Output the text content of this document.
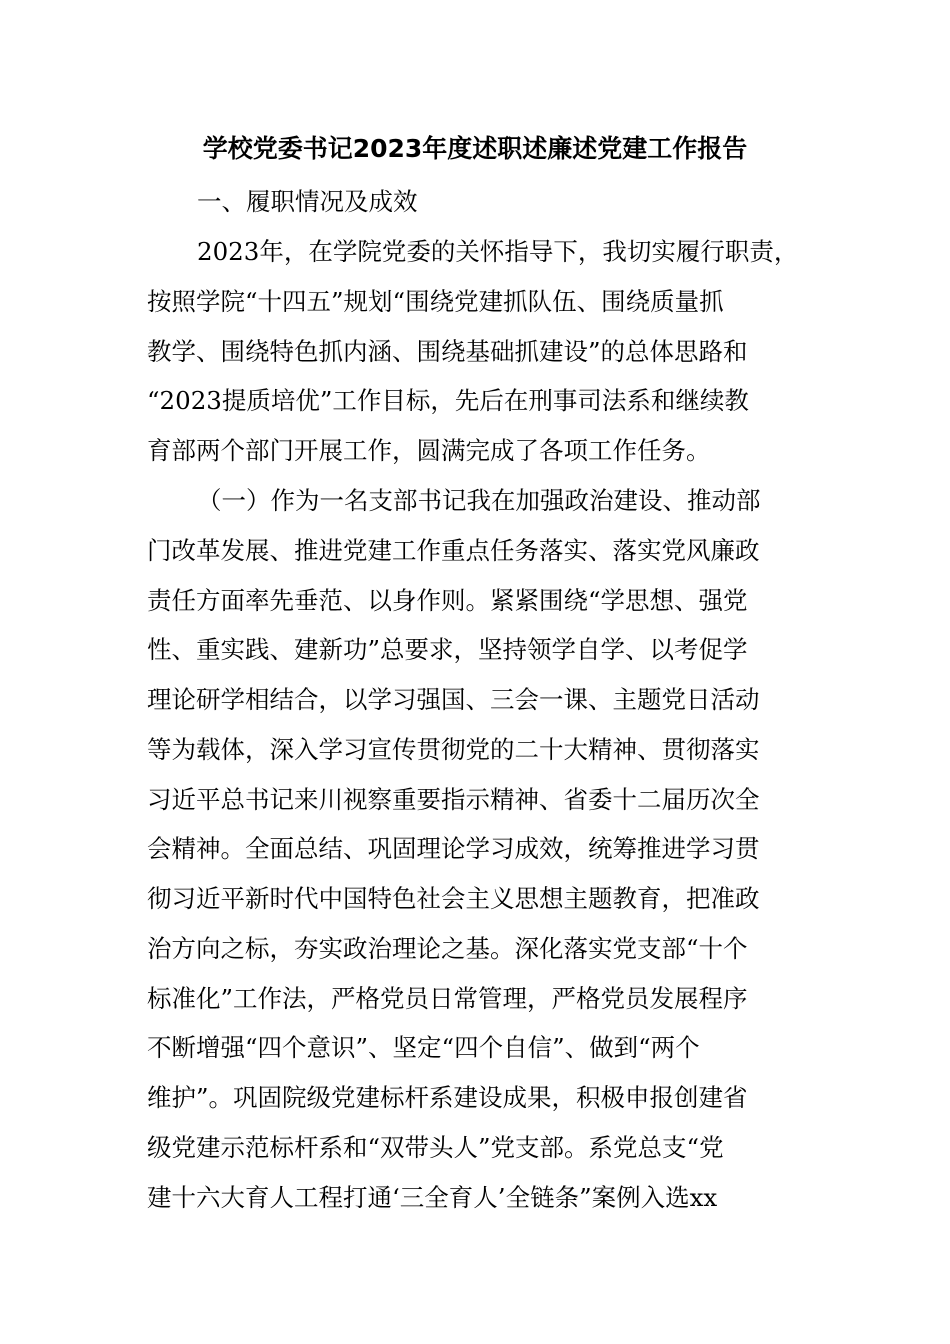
学校党委书记2023年度述职述廉述党建工作报告

一、履职情况及成效

2023年，在学院党委的关怀指导下，我切实履行职责，

按照学院“十四五”规划“围绕党建抓队伍、围绕质量抓

教学、围绕特色抓内涵、围绕基础抓建设”的总体思路和

“2023提质培优”工作目标，先后在刑事司法系和继续教

育部两个部门开展工作，圆满完成了各项工作任务。

（一）作为一名支部书记我在加强政治建设、推动部

门改革发展、推进党建工作重点任务落实、落实党风廉政

责任方面率先垂范、以身作则。紧紧围绕“学思想、强党

性、重实践、建新功”总要求，坚持领学自学、以考促学

理论研学相结合，以学习强国、三会一课、主题党日活动

等为载体，深入学习宣传贯彻党的二十大精神、贯彻落实

习近平总书记来川视察重要指示精神、省委十二届历次全

会精神。全面总结、巩固理论学习成效，统筹推进学习贯

彻习近平新时代中国特色社会主义思想主题教育，把准政

治方向之标，夯实政治理论之基。深化落实党支部“十个

标准化”工作法，严格党员日常管理，严格党员发展程序

不断增强“四个意识”、坚定“四个自信”、做到“两个

维护”。巩固院级党建标杆系建设成果，积极申报创建省

级党建示范标杆系和“双带头人”党支部。系党总支“党

建十六大育人工程打通‘三全育人’全链条”案例入选xx
